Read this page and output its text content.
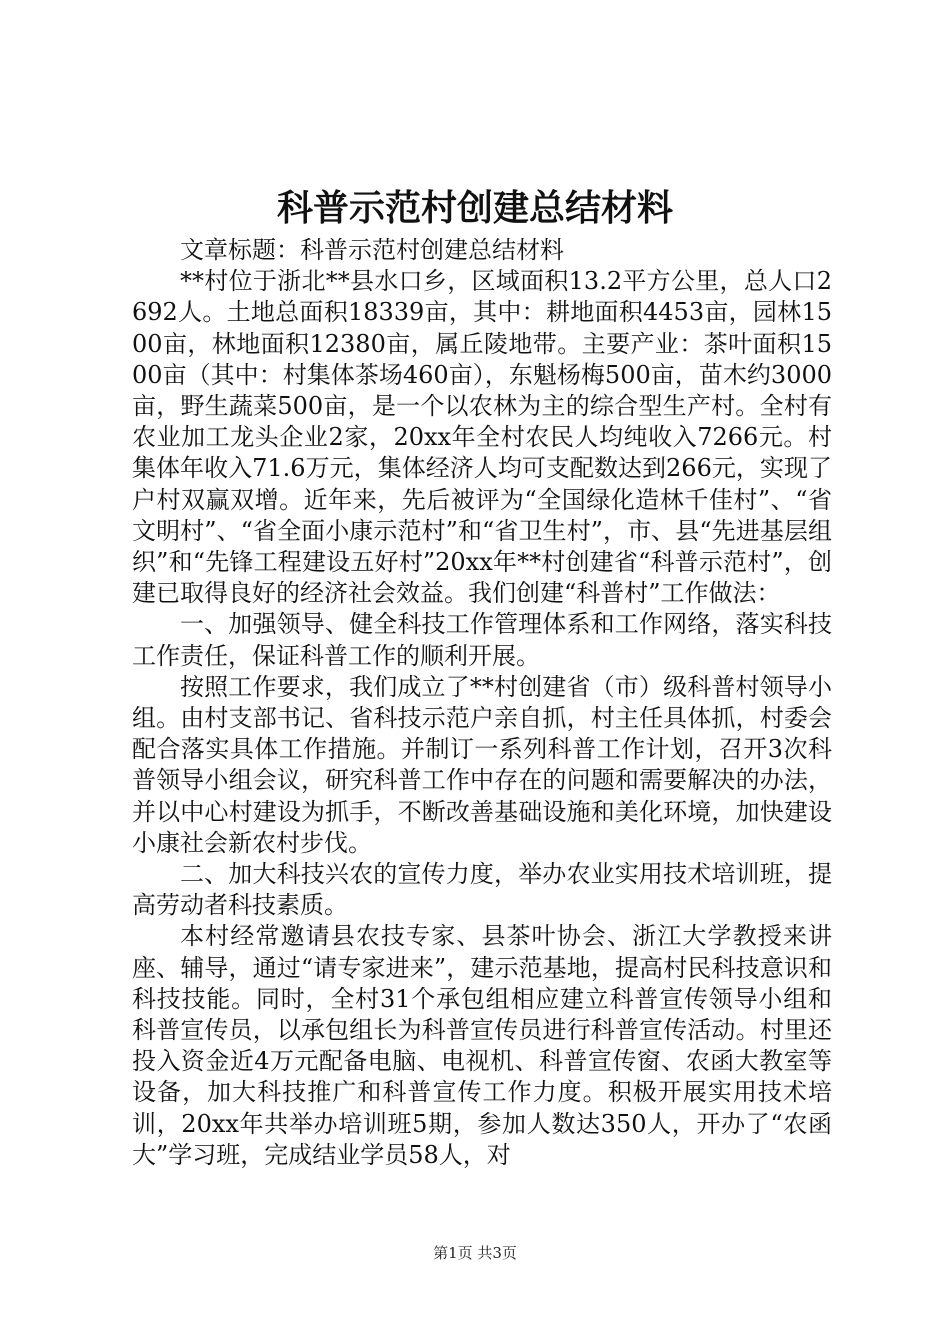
科普示范村创建总结材料

文章标题：科普示范村创建总结材料

**村位于浙北**县水口乡，区域面积13.2平方公里，总人口2692人。土地总面积18339亩，其中：耕地面积4453亩，园林1500亩，林地面积12380亩，属丘陵地带。主要产业：茶叶面积1500亩（其中：村集体茶场460亩），东魁杨梅500亩，苗木约3000亩，野生蔬菜500亩，是一个以农林为主的综合型生产村。全村有农业加工龙头企业2家，20xx年全村农民人均纯收入7266元。村集体年收入71.6万元，集体经济人均可支配数达到266元，实现了户村双赢双增。近年来，先后被评为“全国绿化造林千佳村”、“省文明村”、“省全面小康示范村”和“省卫生村”，市、县“先进基层组织”和“先锋工程建设五好村”20xx年**村创建省“科普示范村”，创建已取得良好的经济社会效益。我们创建“科普村”工作做法：

一、加强领导、健全科技工作管理体系和工作网络，落实科技工作责任，保证科普工作的顺利开展。

按照工作要求，我们成立了**村创建省（市）级科普村领导小组。由村支部书记、省科技示范户亲自抓，村主任具体抓，村委会配合落实具体工作措施。并制订一系列科普工作计划，召开3次科普领导小组会议，研究科普工作中存在的问题和需要解决的办法，并以中心村建设为抓手，不断改善基础设施和美化环境，加快建设小康社会新农村步伐。

二、加大科技兴农的宣传力度，举办农业实用技术培训班，提高劳动者科技素质。

本村经常邀请县农技专家、县茶叶协会、浙江大学教授来讲座、辅导，通过“请专家进来”，建示范基地，提高村民科技意识和科技技能。同时，全村31个承包组相应建立科普宣传领导小组和科普宣传员，以承包组长为科普宣传员进行科普宣传活动。村里还投入资金近4万元配备电脑、电视机、科普宣传窗、农函大教室等设备，加大科技推广和科普宣传工作力度。积极开展实用技术培训，20xx年共举办培训班5期，参加人数达350人，开办了“农函大”学习班，完成结业学员58人，对

第1页 共3页
